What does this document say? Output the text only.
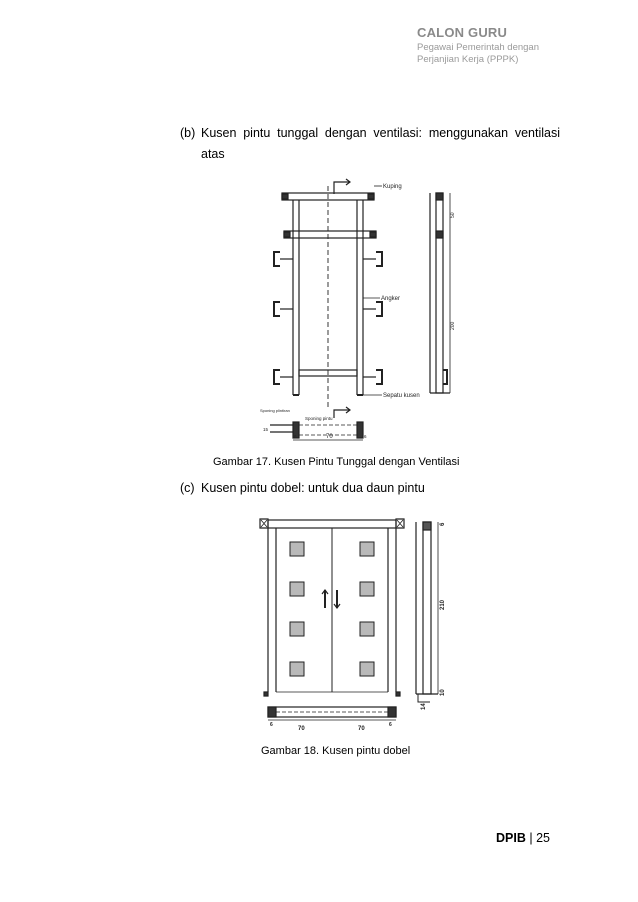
CALON GURU
Pegawai Pemerintah dengan
Perjanjian Kerja (PPPK)
(b) Kusen pintu tunggal dengan ventilasi: menggunakan ventilasi
atas
Kuping
Angker
Sepatu kusen
Sponing plintiran
Sponing pintu
70
6	6
15
50
200
Gambar 17. Kusen Pintu Tunggal dengan Ventilasi
(c) Kusen pintu dobel: untuk dua daun pintu
6
210
10
14
70	70
6	6
Gambar 18. Kusen pintu dobel
DPIB | 25
